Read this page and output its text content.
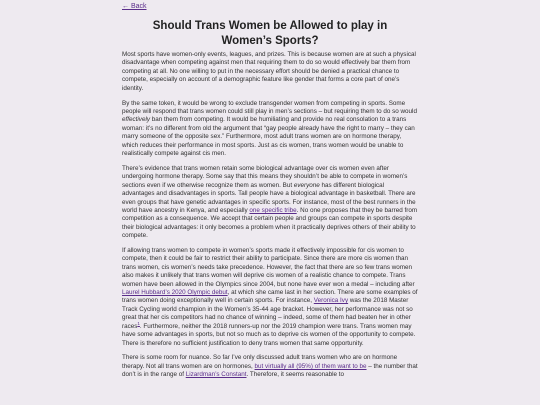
← Back
Should Trans Women be Allowed to play in
Women’s Sports?

Most sports have women-only events, leagues, and prizes. This is because women are at such a physical disadvantage when competing against men that requiring them to do so would effectively bar them from competing at all. No one willing to put in the necessary effort should be denied a practical chance to compete, especially on account of a demographic feature like gender that forms a core part of one’s identity.

By the same token, it would be wrong to exclude transgender women from competing in sports. Some people will respond that trans women could still play in men’s sections – but requiring them to do so would effectively ban them from competing. It would be humiliating and provide no real consolation to a trans woman: it’s no different from old the argument that “gay people already have the right to marry – they can marry someone of the opposite sex.” Furthermore, most adult trans women are on hormone therapy, which reduces their performance in most sports. Just as cis women, trans women would be unable to realistically compete against cis men.

There’s evidence that trans women retain some biological advantage over cis women even after undergoing hormone therapy. Some say that this means they shouldn’t be able to compete in women’s sections even if we otherwise recognize them as women. But everyone has different biological advantages and disadvantages in sports. Tall people have a biological advantage in basketball. There are even groups that have genetic advantages in specific sports. For instance, most of the best runners in the world have ancestry in Kenya, and especially one specific tribe. No one proposes that they be barred from competition as a consequence. We accept that certain people and groups can compete in sports despite their biological advantages: it only becomes a problem when it practically deprives others of their ability to compete.

If allowing trans women to compete in women’s sports made it effectively impossible for cis women to compete, then it could be fair to restrict their ability to participate. Since there are more cis women than trans women, cis women’s needs take precedence. However, the fact that there are so few trans women also makes it unlikely that trans women will deprive cis women of a realistic chance to compete. Trans women have been allowed in the Olympics since 2004, but none have ever won a medal – including after Laurel Hubbard’s 2020 Olympic debut, at which she came last in her section. There are some examples of trans women doing exceptionally well in certain sports. For instance, Veronica Ivy was the 2018 Master Track Cycling world champion in the Women’s 35-44 age bracket. However, her performance was not so great that her cis competitors had no chance of winning – indeed, some of them had beaten her in other races$^1$. Furthermore, neither the 2018 runners-up nor the 2019 champion were trans. Trans women may have some advantages in sports, but not so much as to deprive cis women of the opportunity to compete. There is therefore no sufficient justification to deny trans women that same opportunity.

There is some room for nuance. So far I’ve only discussed adult trans women who are on hormone therapy. Not all trans women are on hormones, but virtually all (95%) of them want to be – the number that don’t is in the range of Lizardman’s Constant. Therefore, it seems reasonable to
